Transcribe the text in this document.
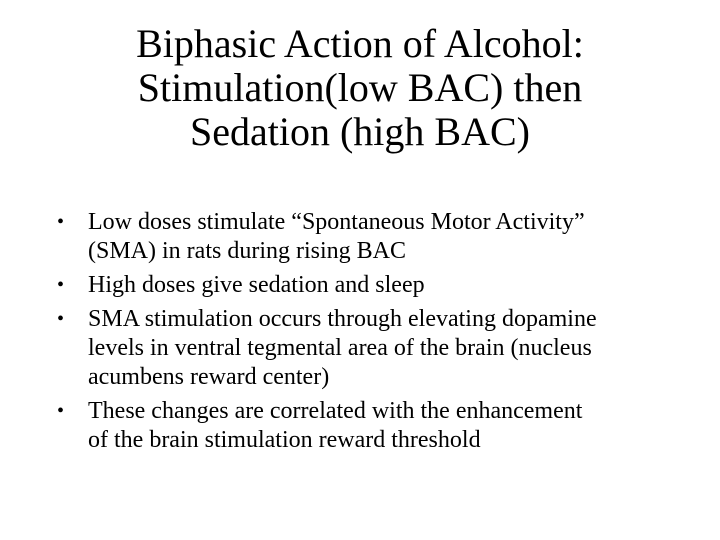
Biphasic Action of Alcohol:
Stimulation(low BAC) then
Sedation (high BAC)
• Low doses stimulate “Spontaneous Motor Activity”
(SMA) in rats during rising BAC
• High doses give sedation and sleep
• SMA stimulation occurs through elevating dopamine
levels in ventral tegmental area of the brain (nucleus
acumbens reward center)
• These changes are correlated with the enhancement
of the brain stimulation reward threshold
